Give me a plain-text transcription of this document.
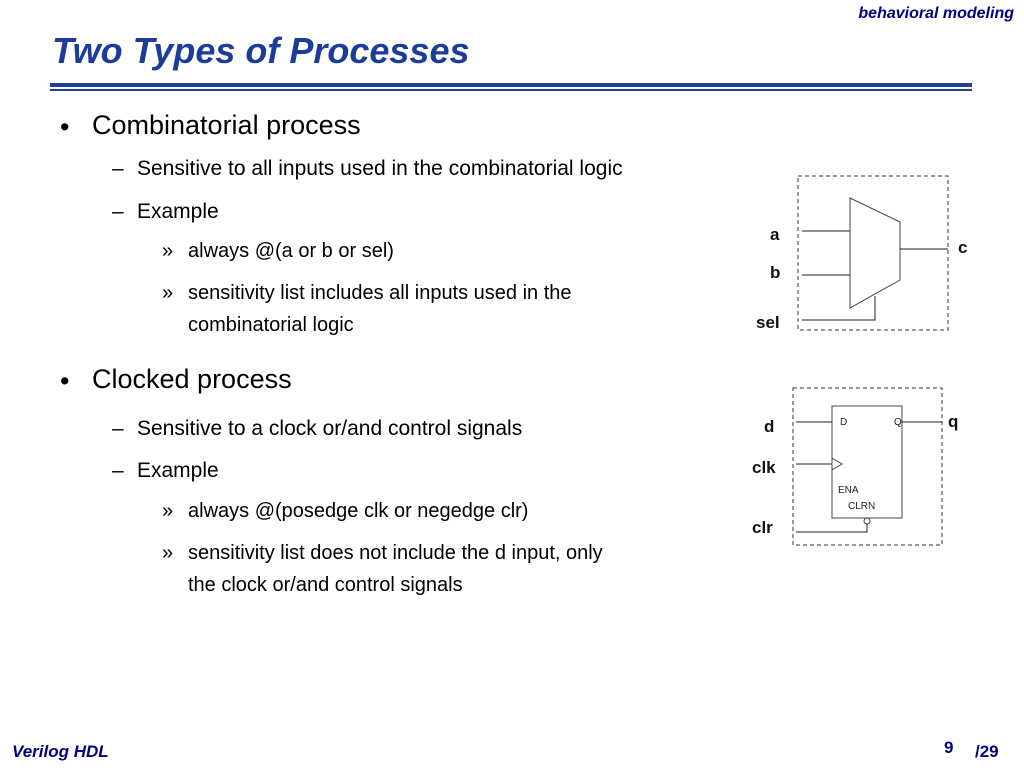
behavioral modeling
Two Types of Processes
• Combinatorial process
– Sensitive to all inputs used in the combinatorial logic
– Example
» always @(a or b or sel)
» sensitivity list includes all inputs used in the
combinatorial logic
• Clocked process
– Sensitive to a clock or/and control signals
– Example
» always @(posedge clk or negedge clr)
» sensitivity list does not include the d input, only
the clock or/and control signals
a
b
sel
c
D	Q
ENA
CLRN
d
clk
clr
q
Verilog HDL	9 /29
